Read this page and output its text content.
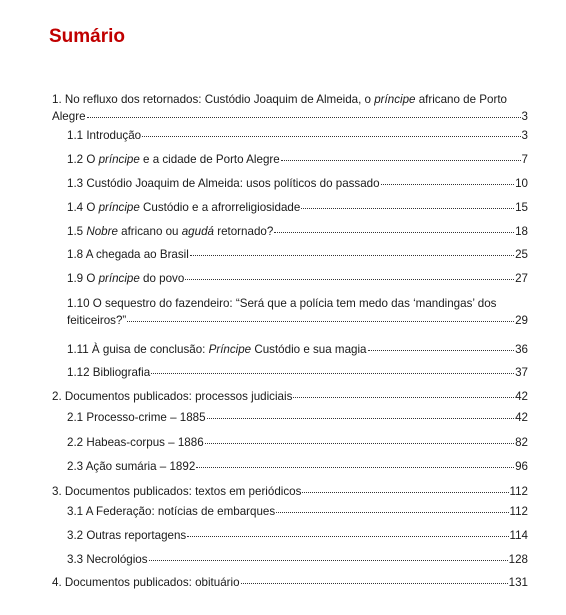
Sumário
1. No refluxo dos retornados: Custódio Joaquim de Almeida, o príncipe africano de Porto
Alegre	3
1.1 Introdução	3
1.2 O príncipe e a cidade de Porto Alegre	7
1.3 Custódio Joaquim de Almeida: usos políticos do passado	10
1.4 O príncipe Custódio e a afrorreligiosidade	15
1.5 Nobre africano ou agudá retornado?	18
1.8 A chegada ao Brasil	25
1.9 O príncipe do povo	27
1.10 O sequestro do fazendeiro: “Será que a polícia tem medo das ‘mandingas’ dos
feiticeiros?”	29
1.11 À guisa de conclusão: Príncipe Custódio e sua magia	36
1.12 Bibliografia	37
2. Documentos publicados: processos judiciais	42
2.1 Processo-crime – 1885	42
2.2 Habeas-corpus – 1886	82
2.3 Ação sumária – 1892	96
3. Documentos publicados: textos em periódicos	112
3.1 A Federação: notícias de embarques	112
3.2 Outras reportagens	114
3.3 Necrológios	128
4. Documentos publicados: obituário	131
